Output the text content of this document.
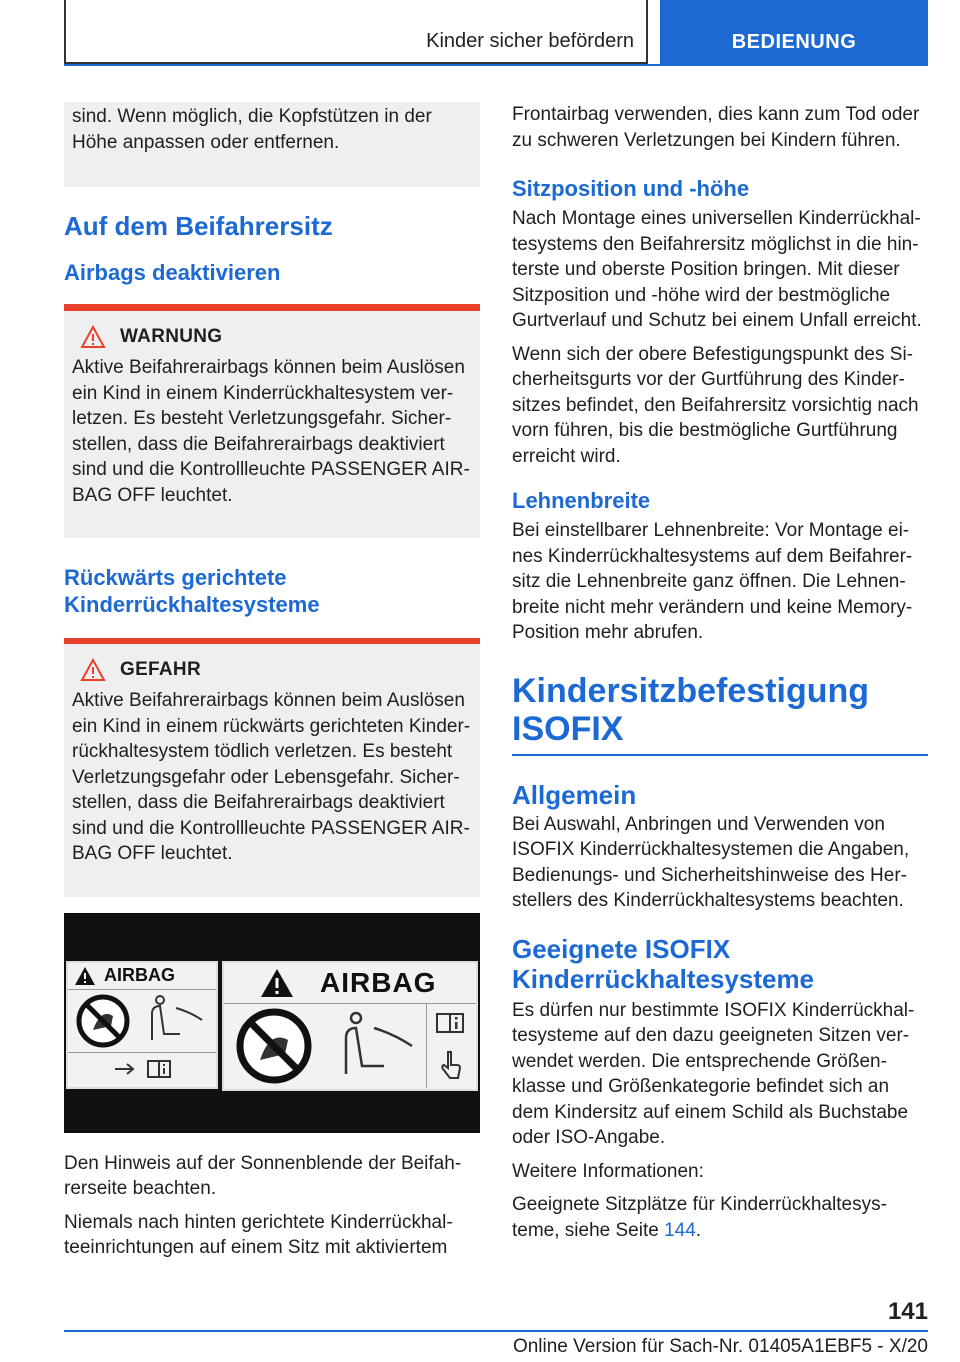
Kinder sicher befördern	BEDIENUNG

sind. Wenn möglich, die Kopfstützen in der Höhe anpassen oder entfernen.

Auf dem Beifahrersitz
Airbags deaktivieren
WARNUNG

Aktive Beifahrerairbags können beim Auslösen ein Kind in einem Kinderrückhaltesystem ver-letzen. Es besteht Verletzungsgefahr. Sicher-stellen, dass die Beifahrerairbags deaktiviert sind und die Kontrollleuchte PASSENGER AIR-BAG OFF leuchtet.

Rückwärts gerichtete Kinderrückhaltesysteme
GEFAHR

Aktive Beifahrerairbags können beim Auslösen ein Kind in einem rückwärts gerichteten Kinder-rückhaltesystem tödlich verletzen. Es besteht Verletzungsgefahr oder Lebensgefahr. Sicher-stellen, dass die Beifahrerairbags deaktiviert sind und die Kontrollleuchte PASSENGER AIR-BAG OFF leuchtet.

AIRBAG	AIRBAG

Den Hinweis auf der Sonnenblende der Beifah-rerseite beachten.

Niemals nach hinten gerichtete Kinderrückhal-teeinrichtungen auf einem Sitz mit aktiviertem

Frontairbag verwenden, dies kann zum Tod oder zu schweren Verletzungen bei Kindern führen.

Sitzposition und -höhe

Nach Montage eines universellen Kinderrückhal-tesystems den Beifahrersitz möglichst in die hin-terste und oberste Position bringen. Mit dieser Sitzposition und -höhe wird der bestmögliche Gurtverlauf und Schutz bei einem Unfall erreicht.

Wenn sich der obere Befestigungspunkt des Si-cherheitsgurts vor der Gurtführung des Kinder-sitzes befindet, den Beifahrersitz vorsichtig nach vorn führen, bis die bestmögliche Gurtführung erreicht wird.

Lehnenbreite

Bei einstellbarer Lehnenbreite: Vor Montage ei-nes Kinderrückhaltesystems auf dem Beifahrer-sitz die Lehnenbreite ganz öffnen. Die Lehnen-breite nicht mehr verändern und keine Memory-Position mehr abrufen.

Kindersitzbefestigung ISOFIX
Allgemein

Bei Auswahl, Anbringen und Verwenden von ISOFIX Kinderrückhaltesystemen die Angaben, Bedienungs- und Sicherheitshinweise des Her-stellers des Kinderrückhaltesystems beachten.

Geeignete ISOFIX Kinderrückhaltesysteme

Es dürfen nur bestimmte ISOFIX Kinderrückhal-tesysteme auf den dazu geeigneten Sitzen ver-wendet werden. Die entsprechende Größen-klasse und Größenkategorie befindet sich an dem Kindersitz auf einem Schild als Buchstabe oder ISO-Angabe.

Weitere Informationen:

Geeignete Sitzplätze für Kinderrückhaltesys-teme, siehe Seite 144.

141
Online Version für Sach-Nr. 01405A1EBF5 - X/20
